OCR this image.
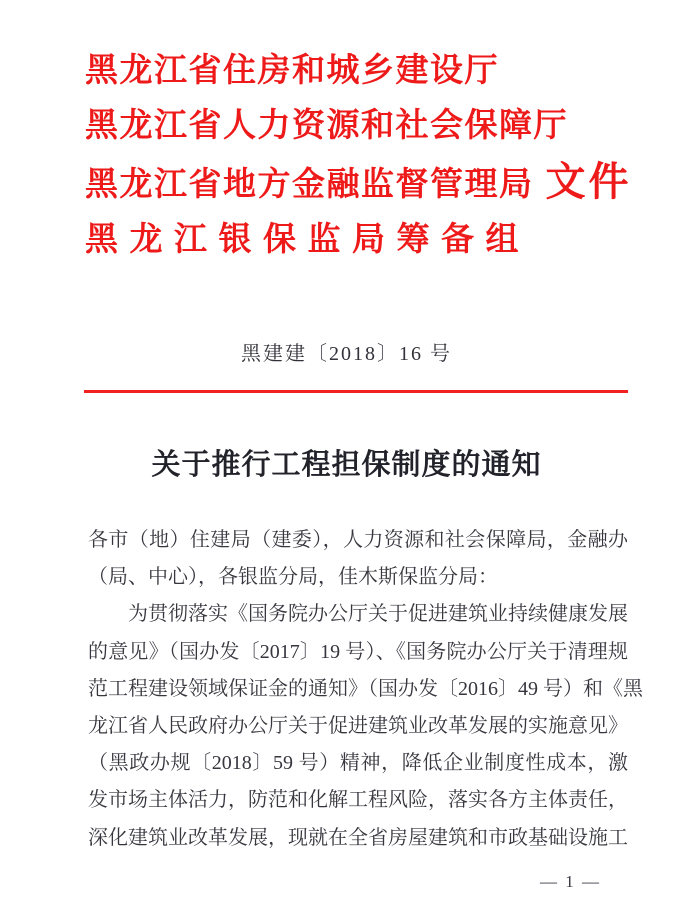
黑龙江省住房和城乡建设厅
黑龙江省人力资源和社会保障厅
黑龙江省地方金融监督管理局 文件
黑龙江银保监局筹备组
黑建建〔2018〕16 号
关于推行工程担保制度的通知
各市（地）住建局（建委），人力资源和社会保障局，金融办
（局、中心），各银监分局，佳木斯保监分局：
为贯彻落实《国务院办公厅关于促进建筑业持续健康发展
的意见》（国办发〔2017〕19 号）、《国务院办公厅关于清理规
范工程建设领域保证金的通知》（国办发〔2016〕49 号）和《黑
龙江省人民政府办公厅关于促进建筑业改革发展的实施意见》
（黑政办规〔2018〕59 号）精神，降低企业制度性成本，激
发市场主体活力，防范和化解工程风险，落实各方主体责任，
深化建筑业改革发展，现就在全省房屋建筑和市政基础设施工
— 1 —
